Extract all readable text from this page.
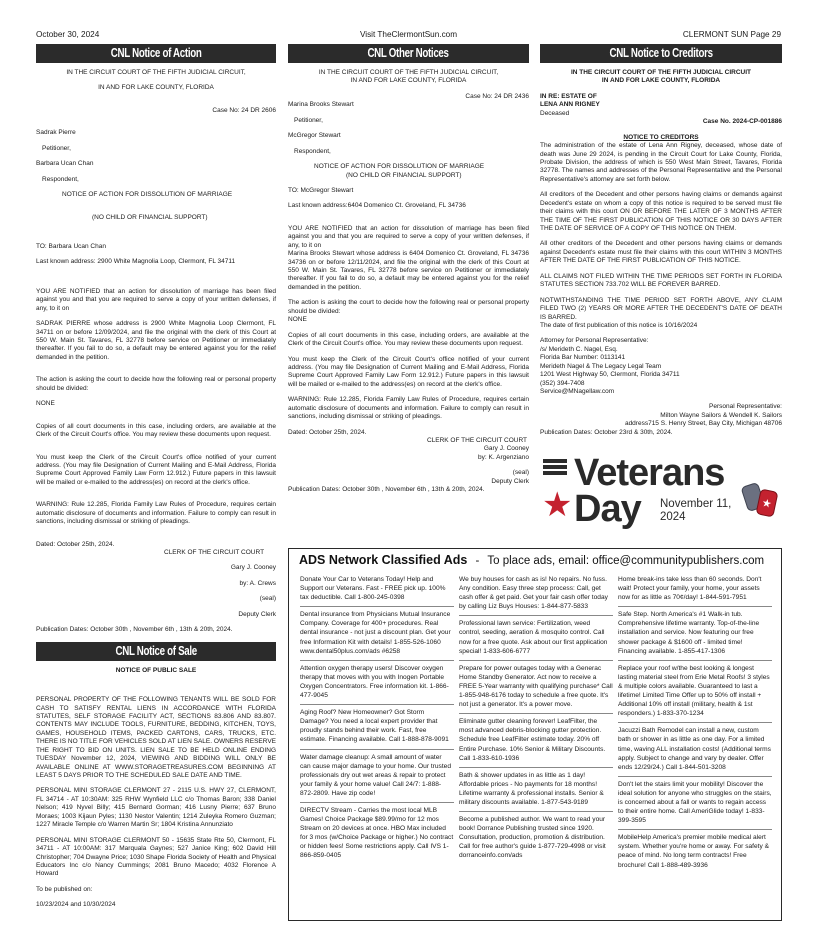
October 30, 2024	Visit TheClermontSun.com	CLERMONT SUN Page 29
CNL Notice of Action
IN THE CIRCUIT COURT OF THE FIFTH JUDICIAL CIRCUIT,
IN AND FOR LAKE COUNTY, FLORIDA
Case No: 24 DR 2606
Sadrak Pierre
Petitioner,
Barbara Ucan Chan
Respondent,
NOTICE OF ACTION FOR DISSOLUTION OF MARRIAGE
(NO CHILD OR FINANCIAL SUPPORT)
TO: Barbara Ucan Chan
Last known address: 2900 White Magnolia Loop, Clermont, FL 34711
YOU ARE NOTIFIED that an action for dissolution of marriage has been filed against you and that you are required to serve a copy of your written defenses, if any, to it on
SADRAK PIERRE whose address is 2900 White Magnolia Loop Clermont, FL 34711 on or before 12/09/2024, and file the original with the clerk of this Court at 550 W. Main St. Tavares, FL 32778 before service on Petitioner or immediately thereafter. If you fail to do so, a default may be entered against you for the relief demanded in the petition.
The action is asking the court to decide how the following real or personal property should be divided:
NONE
Copies of all court documents in this case, including orders, are available at the Clerk of the Circuit Court's office. You may review these documents upon request.
You must keep the Clerk of the Circuit Court's office notified of your current address. (You may file Designation of Current Mailing and E-Mail Address, Florida Supreme Court Approved Family Law Form 12.912.) Future papers in this lawsuit will be mailed or e-mailed to the address(es) on record at the clerk's office.
WARNING: Rule 12.285, Florida Family Law Rules of Procedure, requires certain automatic disclosure of documents and information. Failure to comply can result in sanctions, including dismissal or striking of pleadings.
Dated: October 25th, 2024.
CLERK OF THE CIRCUIT COURT
Gary J. Cooney
by: A. Crews
(seal)
Deputy Clerk
Publication Dates: October 30th , November 6th , 13th & 20th, 2024.
CNL Notice of Sale
NOTICE OF PUBLIC SALE
PERSONAL PROPERTY OF THE FOLLOWING TENANTS WILL BE SOLD FOR CASH TO SATISFY RENTAL LIENS IN ACCORDANCE WITH FLORIDA STATUTES, SELF STORAGE FACILITY ACT, SECTIONS 83.806 AND 83.807. CONTENTS MAY INCLUDE TOOLS, FURNITURE, BEDDING, KITCHEN, TOYS, GAMES, HOUSEHOLD ITEMS, PACKED CARTONS, CARS, TRUCKS, ETC. THERE IS NO TITLE FOR VEHICLES SOLD AT LIEN SALE. OWNERS RESERVE THE RIGHT TO BID ON UNITS. LIEN SALE TO BE HELD ONLINE ENDING TUESDAY November 12, 2024, VIEWING AND BIDDING WILL ONLY BE AVAILABLE ONLINE AT WWW.STORAGETREASURES.COM BEGINNING AT LEAST 5 DAYS PRIOR TO THE SCHEDULED SALE DATE AND TIME.
PERSONAL MINI STORAGE CLERMONT 27 - 2115 U.S. HWY 27, CLERMONT, FL 34714 - AT 10:30AM: 325 RHW Wynfield LLC c/o Thomas Baron; 338 Daniel Nelson; 419 Nyvel Billy; 415 Bernard Gorman; 416 Lusny Pierre; 637 Bruno Moraes; 1003 Kijaun Pyles; 1130 Nestor Valentin; 1214 Zuleyka Romero Guzman; 1227 Miracle Temple c/o Warren Martin Sr; 1804 Kristina Annunziato
PERSONAL MINI STORAGE CLERMONT 50 - 15635 State Rte 50, Clermont, FL 34711 - AT 10:00AM: 317 Marquala Gaynes; 527 Janice King; 602 David Hill Christopher; 704 Dwayne Price; 1030 Shape Florida Society of Health and Physical Educators Inc c/o Nancy Cummings; 2081 Bruno Macedo; 4032 Florence A Howard
To be published on:
10/23/2024 and 10/30/2024
CNL Other Notices
IN THE CIRCUIT COURT OF THE FIFTH JUDICIAL CIRCUIT,
IN AND FOR LAKE COUNTY, FLORIDA
Case No: 24 DR 2436
Marina Brooks Stewart
Petitioner,
McGregor Stewart
Respondent,
NOTICE OF ACTION FOR DISSOLUTION OF MARRIAGE
(NO CHILD OR FINANCIAL SUPPORT)
TO: McGregor Stewart
Last known address:6404 Domenico Ct. Groveland, FL 34736
YOU ARE NOTIFIED that an action for dissolution of marriage has been filed against you and that you are required to serve a copy of your written defenses, if any, to it on
Marina Brooks Stewart whose address is 6404 Domenico Ct. Groveland, FL 34736 34736 on or before 12/11/2024, and file the original with the clerk of this Court at 550 W. Main St. Tavares, FL 32778 before service on Petitioner or immediately thereafter. If you fail to do so, a default may be entered against you for the relief demanded in the petition.
The action is asking the court to decide how the following real or personal property should be divided:
NONE
Copies of all court documents in this case, including orders, are available at the Clerk of the Circuit Court's office. You may review these documents upon request.
You must keep the Clerk of the Circuit Court's office notified of your current address. (You may file Designation of Current Mailing and E-Mail Address, Florida Supreme Court Approved Family Law Form 12.912.) Future papers in this lawsuit will be mailed or e-mailed to the address(es) on record at the clerk's office.
WARNING: Rule 12.285, Florida Family Law Rules of Procedure, requires certain automatic disclosure of documents and information. Failure to comply can result in sanctions, including dismissal or striking of pleadings.
Dated: October 25th, 2024.
CLERK OF THE CIRCUIT COURT
Gary J. Cooney
by: K. Argenziano
(seal)
Deputy Clerk
Publication Dates: October 30th , November 6th , 13th & 20th, 2024.
CNL Notice to Creditors
IN THE CIRCUIT COURT OF THE FIFTH JUDICIAL CIRCUIT
IN AND FOR LAKE COUNTY, FLORIDA
IN RE: ESTATE OF
LENA ANN RIGNEY
Deceased
Case No. 2024-CP-001886
NOTICE TO CREDITORS
The administration of the estate of Lena Ann Rigney, deceased, whose date of death was June 29 2024, is pending in the Circuit Court for Lake County, Florida, Probate Division, the address of which is 550 West Main Street, Tavares, Florida 32778. The names and addresses of the Personal Representative and the Personal Representative's attorney are set forth below.
All creditors of the Decedent and other persons having claims or demands against Decedent's estate on whom a copy of this notice is required to be served must file their claims with this court ON OR BEFORE THE LATER OF 3 MONTHS AFTER THE TIME OF THE FIRST PUBLICATION OF THIS NOTICE OR 30 DAYS AFTER THE DATE OF SERVICE OF A COPY OF THIS NOTICE ON THEM.
All other creditors of the Decedent and other persons having claims or demands against Decedent's estate must file their claims with this court WITHIN 3 MONTHS AFTER THE DATE OF THE FIRST PUBLICATION OF THIS NOTICE.
ALL CLAIMS NOT FILED WITHIN THE TIME PERIODS SET FORTH IN FLORIDA STATUTES SECTION 733.702 WILL BE FOREVER BARRED.
NOTWITHSTANDING THE TIME PERIOD SET FORTH ABOVE, ANY CLAIM FILED TWO (2) YEARS OR MORE AFTER THE DECEDENT'S DATE OF DEATH IS BARRED.
The date of first publication of this notice is 10/16/2024
Attorney for Personal Representative:
/s/ Merideth C. Nagel, Esq.
Florida Bar Number: 0113141
Merideth Nagel & The Legacy Legal Team
1201 West Highway 50, Clermont, Florida 34711
(352) 394-7408
Service@MNagellaw.com
Personal Representative:
Milton Wayne Sailors & Wendell K. Sailors
address715 S. Henry Street, Bay City, Michigan 48706
Publication Dates: October 23rd & 30th, 2024.
★
Veterans
Day November 11,
2024
★
ADS Network Classified Ads - To place ads, email: office@communitypublishers.com
Donate Your Car to Veterans Today! Help and Support our Veterans. Fast - FREE pick up. 100% tax deductible. Call 1-800-245-0398
Dental insurance from Physicians Mutual Insurance Company. Coverage for 400+ procedures. Real dental insurance - not just a discount plan. Get your free Information Kit with details! 1-855-526-1060 www.dental50plus.com/ads #6258
Attention oxygen therapy users! Discover oxygen therapy that moves with you with Inogen Portable Oxygen Concentrators. Free information kit. 1-866-477-9045
Aging Roof? New Homeowner? Got Storm Damage? You need a local expert provider that proudly stands behind their work. Fast, free estimate. Financing available. Call 1-888-878-9091
Water damage cleanup: A small amount of water can cause major damage to your home. Our trusted professionals dry out wet areas & repair to protect your family & your home value! Call 24/7: 1-888-872-2809. Have zip code!
DIRECTV Stream - Carries the most local MLB Games! Choice Package $89.99/mo for 12 mos Stream on 20 devices at once. HBO Max included for 3 mos (w/Choice Package or higher.) No contract or hidden fees! Some restrictions apply. Call IVS 1-866-859-0405
We buy houses for cash as is! No repairs. No fuss. Any condition. Easy three step process: Call, get cash offer & get paid. Get your fair cash offer today by calling Liz Buys Houses: 1-844-877-5833
Professional lawn service: Fertilization, weed control, seeding, aeration & mosquito control. Call now for a free quote. Ask about our first application special! 1-833-606-6777
Prepare for power outages today with a Generac Home Standby Generator. Act now to receive a FREE 5-Year warranty with qualifying purchase* Call 1-855-948-6176 today to schedule a free quote. It's not just a generator. It's a power move.
Eliminate gutter cleaning forever! LeafFilter, the most advanced debris-blocking gutter protection. Schedule free LeafFilter estimate today. 20% off Entire Purchase. 10% Senior & Military Discounts. Call 1-833-610-1936
Bath & shower updates in as little as 1 day! Affordable prices - No payments for 18 months! Lifetime warranty & professional installs. Senior & military discounts available. 1-877-543-9189
Become a published author. We want to read your book! Dorrance Publishing trusted since 1920. Consultation, production, promotion & distribution. Call for free author's guide 1-877-729-4998 or visit dorranceinfo.com/ads
Home break-ins take less than 60 seconds. Don't wait! Protect your family, your home, your assets now for as little as 70¢/day! 1-844-591-7951
Safe Step. North America's #1 Walk-in tub. Comprehensive lifetime warranty. Top-of-the-line installation and service. Now featuring our free shower package & $1600 off - limited time! Financing available. 1-855-417-1306
Replace your roof w/the best looking & longest lasting material steel from Erie Metal Roofs! 3 styles & multiple colors available. Guaranteed to last a lifetime! Limited Time Offer up to 50% off install + Additional 10% off install (military, health & 1st responders.) 1-833-370-1234
Jacuzzi Bath Remodel can install a new, custom bath or shower in as little as one day. For a limited time, waving ALL installation costs! (Additional terms apply. Subject to change and vary by dealer. Offer ends 12/29/24.) Call 1-844-501-3208
Don't let the stairs limit your mobility! Discover the ideal solution for anyone who struggles on the stairs, is concerned about a fall or wants to regain access to their entire home. Call AmeriGlide today! 1-833-399-3595
MobileHelp America's premier mobile medical alert system. Whether you're home or away. For safety & peace of mind. No long term contracts! Free brochure! Call 1-888-489-3936
